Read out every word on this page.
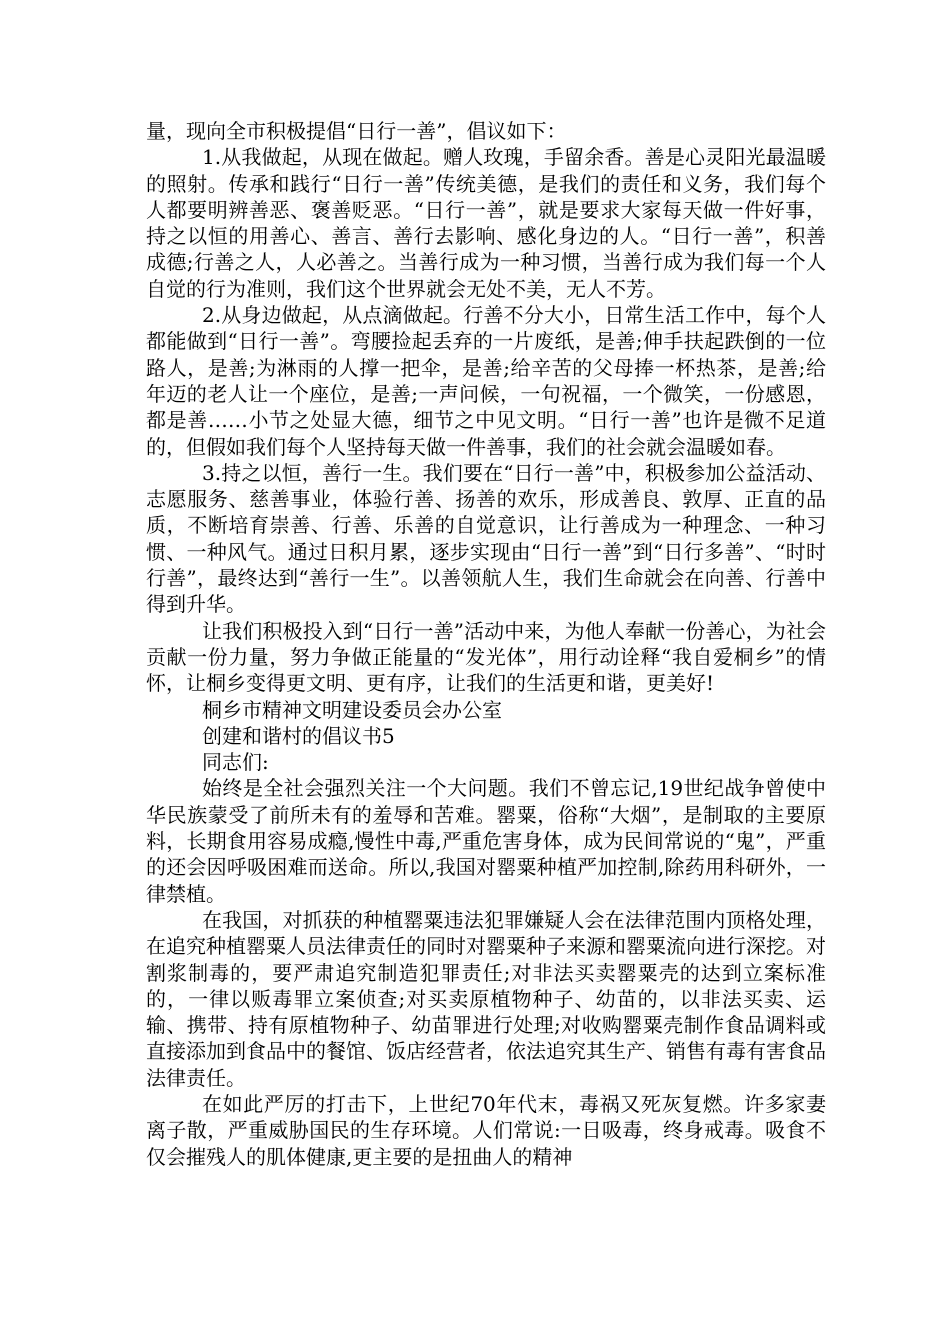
量，现向全市积极提倡“日行一善”，倡议如下：

1.从我做起，从现在做起。赠人玫瑰，手留余香。善是心灵阳光最温暖的照射。传承和践行“日行一善”传统美德，是我们的责任和义务，我们每个人都要明辨善恶、褒善贬恶。“日行一善”，就是要求大家每天做一件好事，持之以恒的用善心、善言、善行去影响、感化身边的人。“日行一善”，积善成德;行善之人，人必善之。当善行成为一种习惯，当善行成为我们每一个人自觉的行为准则，我们这个世界就会无处不美，无人不芳。

2.从身边做起，从点滴做起。行善不分大小，日常生活工作中，每个人都能做到“日行一善”。弯腰捡起丢弃的一片废纸，是善;伸手扶起跌倒的一位路人，是善;为淋雨的人撑一把伞，是善;给辛苦的父母捧一杯热茶，是善;给年迈的老人让一个座位，是善;一声问候，一句祝福，一个微笑，一份感恩，都是善……小节之处显大德，细节之中见文明。“日行一善”也许是微不足道的，但假如我们每个人坚持每天做一件善事，我们的社会就会温暖如春。

3.持之以恒，善行一生。我们要在“日行一善”中，积极参加公益活动、志愿服务、慈善事业，体验行善、扬善的欢乐，形成善良、敦厚、正直的品质，不断培育崇善、行善、乐善的自觉意识，让行善成为一种理念、一种习惯、一种风气。通过日积月累，逐步实现由“日行一善”到“日行多善”、“时时行善”，最终达到“善行一生”。以善领航人生，我们生命就会在向善、行善中得到升华。

让我们积极投入到“日行一善”活动中来，为他人奉献一份善心，为社会贡献一份力量，努力争做正能量的“发光体”，用行动诠释“我自爱桐乡”的情怀，让桐乡变得更文明、更有序，让我们的生活更和谐，更美好!

桐乡市精神文明建设委员会办公室

创建和谐村的倡议书5

同志们:

始终是全社会强烈关注一个大问题。我们不曾忘记,19世纪战争曾使中华民族蒙受了前所未有的羞辱和苦难。罂粟，俗称“大烟”，是制取的主要原料，长期食用容易成瘾,慢性中毒,严重危害身体，成为民间常说的“鬼”，严重的还会因呼吸困难而送命。所以,我国对罂粟种植严加控制,除药用科研外，一律禁植。

在我国，对抓获的种植罂粟违法犯罪嫌疑人会在法律范围内顶格处理，在追究种植罂粟人员法律责任的同时对罂粟种子来源和罂粟流向进行深挖。对割浆制毒的，要严肃追究制造犯罪责任;对非法买卖罂粟壳的达到立案标准的，一律以贩毒罪立案侦查;对买卖原植物种子、幼苗的，以非法买卖、运输、携带、持有原植物种子、幼苗罪进行处理;对收购罂粟壳制作食品调料或直接添加到食品中的餐馆、饭店经营者，依法追究其生产、销售有毒有害食品法律责任。

在如此严厉的打击下，上世纪70年代末，毒祸又死灰复燃。许多家妻离子散，严重威胁国民的生存环境。人们常说:一日吸毒，终身戒毒。吸食不仅会摧残人的肌体健康,更主要的是扭曲人的精神
